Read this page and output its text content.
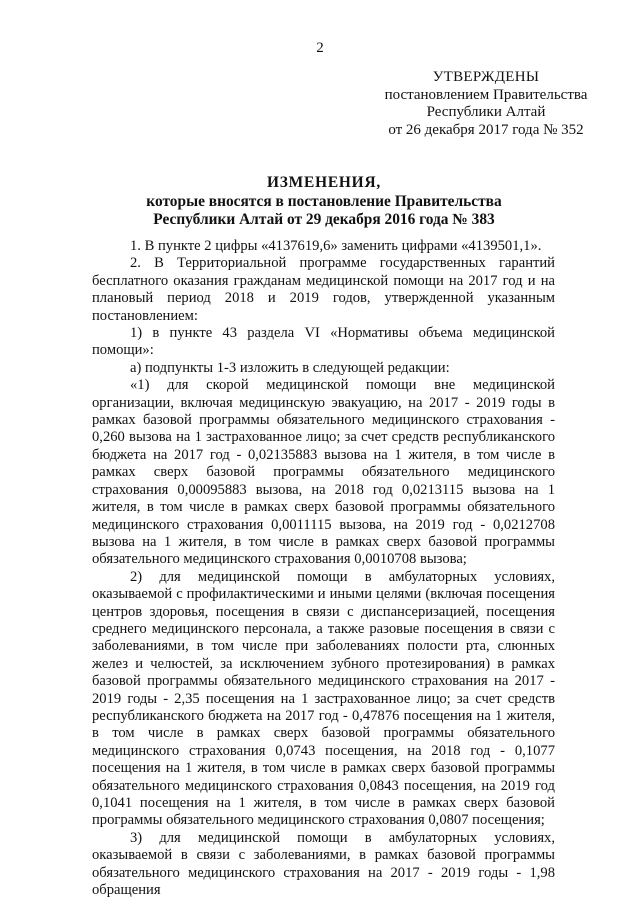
2
УТВЕРЖДЕНЫ
постановлением Правительства
Республики Алтай
от 26 декабря 2017 года № 352
ИЗМЕНЕНИЯ,
которые вносятся в постановление Правительства
Республики Алтай от 29 декабря 2016 года № 383

1. В пункте 2 цифры «4137619,6» заменить цифрами «4139501,1».

2. В Территориальной программе государственных гарантий бесплатного оказания гражданам медицинской помощи на 2017 год и на плановый период 2018 и 2019 годов, утвержденной указанным постановлением:

1) в пункте 43 раздела VI «Нормативы объема медицинской помощи»:

а) подпункты 1-3 изложить в следующей редакции:

«1) для скорой медицинской помощи вне медицинской организации, включая медицинскую эвакуацию, на 2017 - 2019 годы в рамках базовой программы обязательного медицинского страхования - 0,260 вызова на 1 застрахованное лицо; за счет средств республиканского бюджета на 2017 год - 0,02135883 вызова на 1 жителя, в том числе в рамках сверх базовой программы обязательного медицинского страхования 0,00095883 вызова, на 2018 год 0,0213115 вызова на 1 жителя, в том числе в рамках сверх базовой программы обязательного медицинского страхования 0,0011115 вызова, на 2019 год - 0,0212708 вызова на 1 жителя, в том числе в рамках сверх базовой программы обязательного медицинского страхования 0,0010708 вызова;

2) для медицинской помощи в амбулаторных условиях, оказываемой с профилактическими и иными целями (включая посещения центров здоровья, посещения в связи с диспансеризацией, посещения среднего медицинского персонала, а также разовые посещения в связи с заболеваниями, в том числе при заболеваниях полости рта, слюнных желез и челюстей, за исключением зубного протезирования) в рамках базовой программы обязательного медицинского страхования на 2017 - 2019 годы - 2,35 посещения на 1 застрахованное лицо; за счет средств республиканского бюджета на 2017 год - 0,47876 посещения на 1 жителя, в том числе в рамках сверх базовой программы обязательного медицинского страхования 0,0743 посещения, на 2018 год - 0,1077 посещения на 1 жителя, в том числе в рамках сверх базовой программы обязательного медицинского страхования 0,0843 посещения, на 2019 год 0,1041 посещения на 1 жителя, в том числе в рамках сверх базовой программы обязательного медицинского страхования 0,0807 посещения;

3) для медицинской помощи в амбулаторных условиях, оказываемой в связи с заболеваниями, в рамках базовой программы обязательного медицинского страхования на 2017 - 2019 годы - 1,98 обращения
